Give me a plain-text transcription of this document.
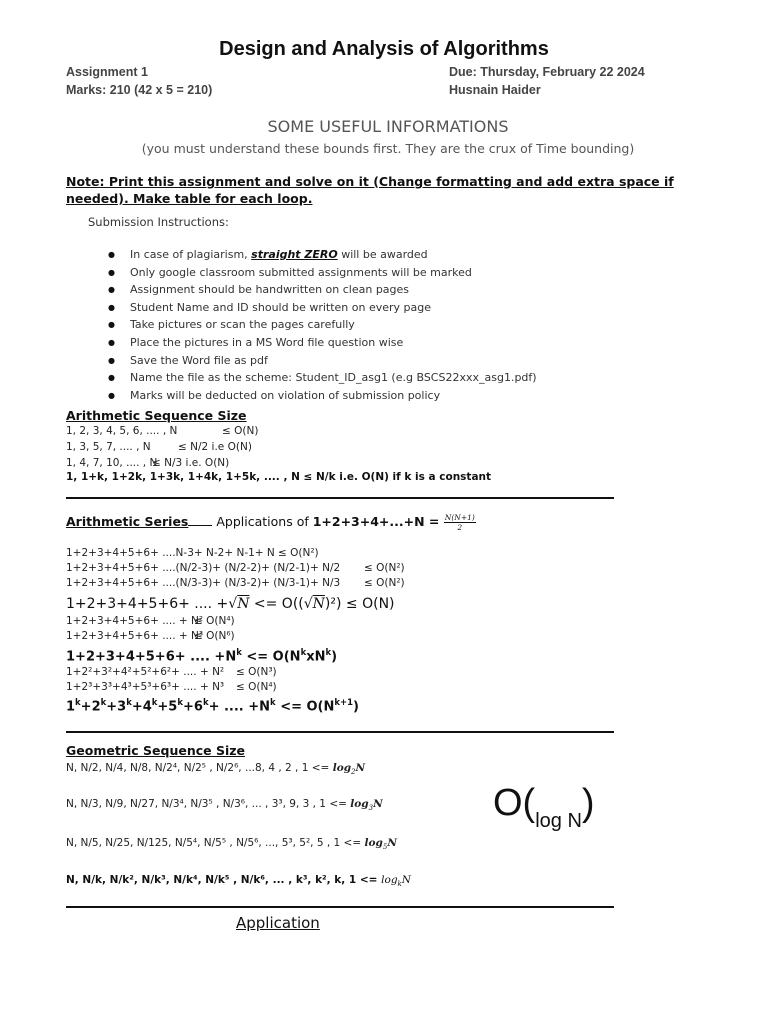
Design and Analysis of Algorithms
Assignment 1
Marks: 210 (42 x 5 = 210)
Due: Thursday, February 22 2024
Husnain Haider
SOME USEFUL INFORMATIONS
(you must understand these bounds first. They are the crux of Time bounding)
Note: Print this assignment and solve on it (Change formatting and add extra space if needed). Make table for each loop.
Submission Instructions:
● In case of plagiarism, straight ZERO will be awarded
● Only google classroom submitted assignments will be marked
● Assignment should be handwritten on clean pages
● Student Name and ID should be written on every page
● Take pictures or scan the pages carefully
● Place the pictures in a MS Word file question wise
● Save the Word file as pdf
● Name the file as the scheme: Student_ID_asg1 (e.g BSCS22xxx_asg1.pdf)
● Marks will be deducted on violation of submission policy
Arithmetic Sequence Size
1, 2, 3, 4, 5, 6, .... , N	≤ O(N)
1, 3, 5, 7, .... , N	≤ N/2 i.e O(N)
1, 4, 7, 10, .... , N
≤ N/3 i.e. O(N)
1, 1+k, 1+2k, 1+3k, 1+4k, 1+5k, .... , N ≤ N/k i.e. O(N) if k is a constant
Arithmetic Series Applications of $1+2+3+4+...+N = \frac{N(N+1)}{2}$
1+2+3+4+5+6+ ....N-3+ N-2+ N-1+ N ≤ O(N²)
1+2+3+4+5+6+ ....(N/2-3)+ (N/2-2)+ (N/2-1)+ N/2 ≤ O(N²)
1+2+3+4+5+6+ ....(N/3-3)+ (N/3-2)+ (N/3-1)+ N/3 ≤ O(N²)
1+2+3+4+5+6+ .... +√N <= O((√N)²) ≤ O(N)
1+2+3+4+5+6+ .... + N²
≤ O(N⁴)
1+2+3+4+5+6+ .... + N³
≤ O(N⁶)
1+2+3+4+5+6+ .... $+N^k <= O(N^kxN^k)$
1+2²+3²+4²+5²+6²+ .... + N² ≤ O(N³)
1+2³+3³+4³+5³+6³+ .... + N³ ≤ O(N⁴)
$1^k+2^k+3^k+4^k+5^k+6^k+$ .... $+N^k <= O(N^{k+1})$
Geometric Sequence Size
N, N/2, N/4, N/8, N/2⁴, N/2⁵ , N/2⁶, ...8, 4 , 2 , $1 <= \log_2N$
N, N/3, N/9, N/27, N/3⁴, N/3⁵ , N/3⁶, ... , 3³, 9, 3 , $1 <= \log_3N$
N, N/5, N/25, N/125, N/5⁴, N/5⁵ , N/5⁶, ..., 5³, 5², 5 , $1 <= \log_5N$
N, N/k, N/k², N/k³, N/k⁴, N/k⁵ , N/k⁶, ... , k³, k², k, $1 <= \log_kN$
$O(_{log N})$
Application
